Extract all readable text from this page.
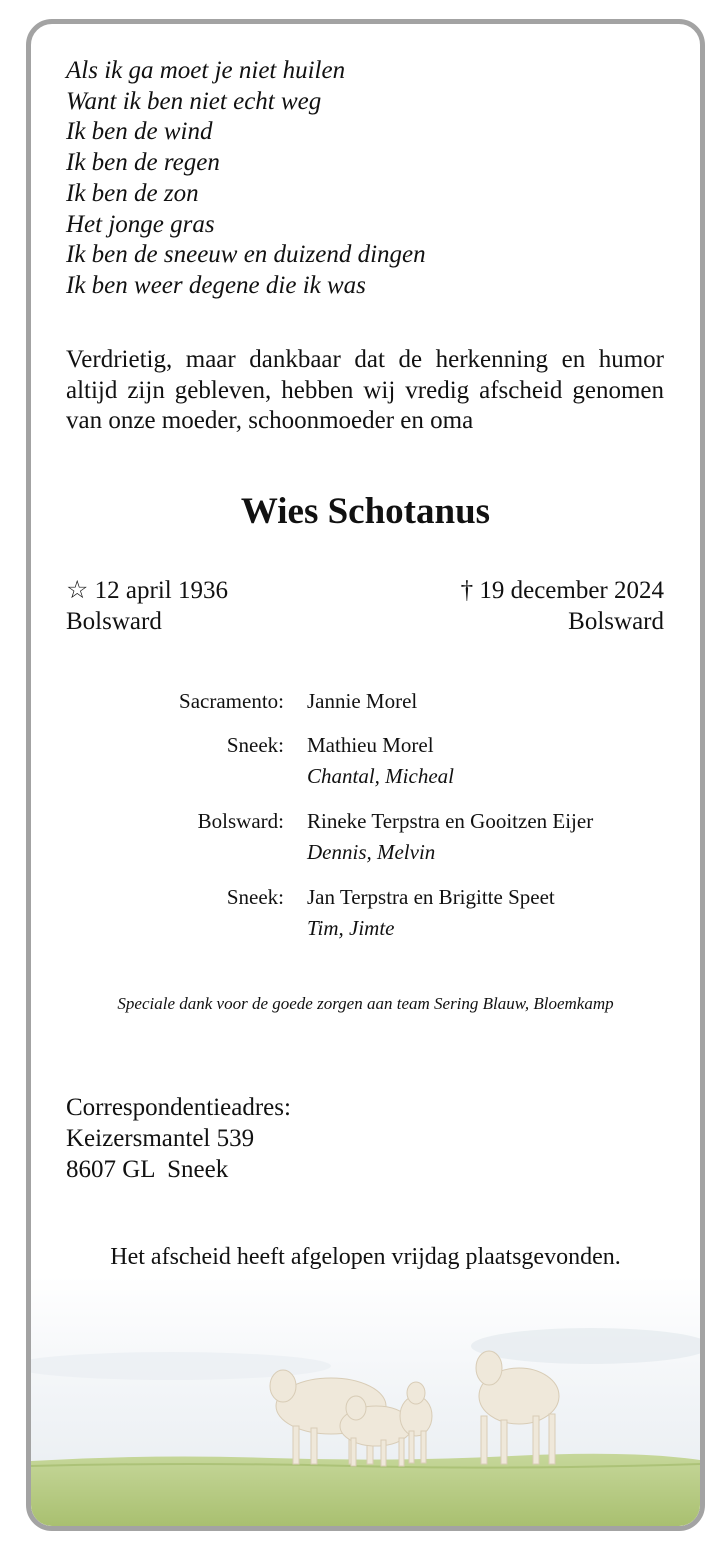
Als ik ga moet je niet huilen
Want ik ben niet echt weg
Ik ben de wind
Ik ben de regen
Ik ben de zon
Het jonge gras
Ik ben de sneeuw en duizend dingen
Ik ben weer degene die ik was
Verdrietig, maar dankbaar dat de herkenning en humor altijd zijn gebleven, hebben wij vredig afscheid genomen van onze moeder, schoonmoeder en oma
Wies Schotanus
☆ 12 april 1936
Bolsward
† 19 december 2024
Bolsward
Sacramento: Jannie Morel
Sneek: Mathieu Morel
Chantal, Micheal
Bolsward: Rineke Terpstra en Gooitzen Eijer
Dennis, Melvin
Sneek: Jan Terpstra en Brigitte Speet
Tim, Jimte
Speciale dank voor de goede zorgen aan team Sering Blauw, Bloemkamp
Correspondentieadres:
Keizersmantel 539
8607 GL  Sneek
Het afscheid heeft afgelopen vrijdag plaatsgevonden.
